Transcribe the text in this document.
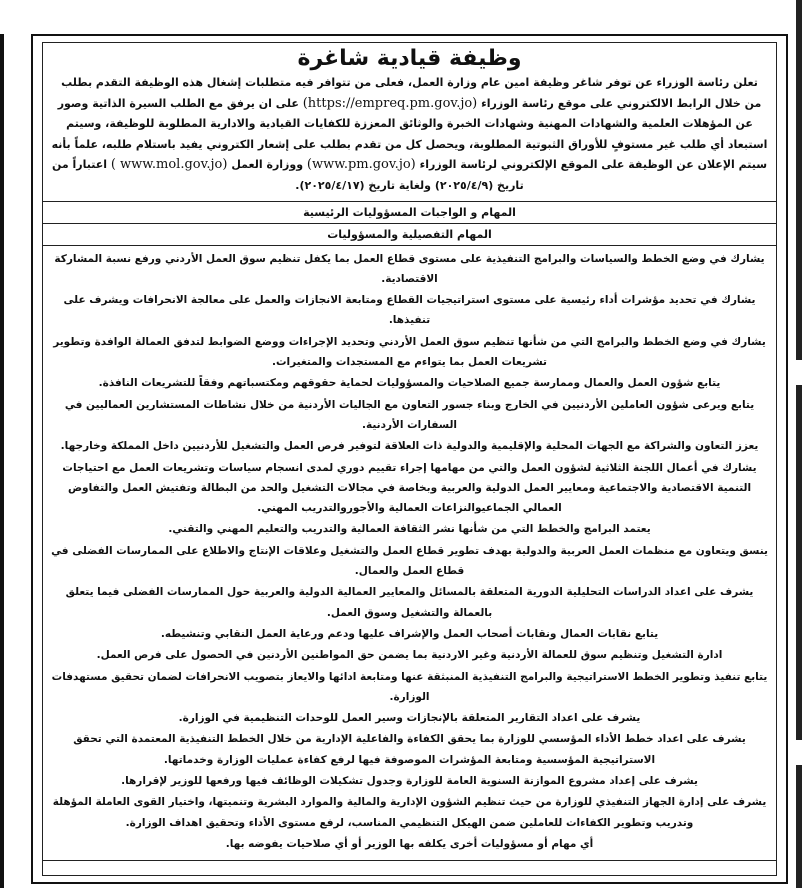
وظيفة قيادية شاغرة

تعلن رئاسة الوزراء عن توفر شاغر وظيفة امين عام وزارة العمل، فعلى من تتوافر فيه متطلبات إشغال هذه الوظيفة التقدم بطلب من خلال الرابط الالكتروني على موقع رئاسة الوزراء (https://empreq.pm.gov.jo) على ان يرفق مع الطلب السيرة الذاتية وصور عن المؤهلات العلمية والشهادات المهنية وشهادات الخبرة والوثائق المعززة للكفايات القيادية والادارية المطلوبة للوظيفة، وسيتم استبعاد أي طلب غير مستوفٍ للأوراق الثبوتية المطلوبة، ويحصل كل من تقدم بطلب على إشعار الكتروني يفيد باستلام طلبه، علماً بأنه سيتم الإعلان عن الوظيفة على الموقع الإلكتروني لرئاسة الوزراء (www.pm.gov.jo) ووزارة العمل ( www.mol.gov.jo) اعتباراً من تاريخ (٢٠٢٥/٤/٩) ولغاية تاريخ (٢٠٢٥/٤/١٧).

المهام و الواجبات المسؤوليات الرئيسية
المهام التفصيلية والمسؤوليات

يشارك في وضع الخطط والسياسات والبرامج التنفيذية على مستوى قطاع العمل بما يكفل تنظيم سوق العمل الأردني ورفع نسبة المشاركة الاقتصادية.

يشارك في تحديد مؤشرات أداء رئيسية على مستوى استراتيجيات القطاع ومتابعة الانجازات والعمل على معالجة الانحرافات ويشرف على تنفيذها.

يشارك في وضع الخطط والبرامج التي من شأنها تنظيم سوق العمل الأردني وتحديد الإجراءات ووضع الضوابط لتدفق العمالة الوافدة وتطوير تشريعات العمل بما يتواءم مع المستجدات والمتغيرات.

يتابع شؤون العمل والعمال وممارسة جميع الصلاحيات والمسؤوليات لحماية حقوقهم ومكتسباتهم وفقاً للتشريعات النافذة.

يتابع ويرعى شؤون العاملين الأردنيين في الخارج وبناء جسور التعاون مع الجاليات الأردنية من خلال نشاطات المستشارين العماليين في السفارات الأردنية.

يعزز التعاون والشراكة مع الجهات المحلية والإقليمية والدولية ذات العلاقة لتوفير فرص العمل والتشغيل للأردنيين داخل المملكة وخارجها.

يشارك في أعمال اللجنة الثلاثية لشؤون العمل والتي من مهامها إجراء تقييم دوري لمدى انسجام سياسات وتشريعات العمل مع احتياجات التنمية الاقتصادية والاجتماعية ومعايير العمل الدولية والعربية وبخاصة في مجالات التشغيل والحد من البطالة وتفتيش العمل والتفاوض العمالي الجماعيوالنزاعات العمالية والأجوروالتدريب المهني.

يعتمد البرامج والخطط التي من شأنها نشر الثقافة العمالية والتدريب والتعليم المهني والتقني.

ينسق ويتعاون مع منظمات العمل العربية والدولية بهدف تطوير قطاع العمل والتشغيل وعلاقات الإنتاج والاطلاع على الممارسات الفضلى في قطاع العمل والعمال.

يشرف على اعداد الدراسات التحليلية الدورية المتعلقة بالمسائل والمعايير العمالية الدولية والعربية حول الممارسات الفضلى فيما يتعلق بالعمالة والتشغيل وسوق العمل.

يتابع نقابات العمال ونقابات أصحاب العمل والإشراف عليها ودعم ورعاية العمل النقابي وتنشيطه.

ادارة التشغيل وتنظيم سوق للعمالة الأردنية وغير الاردنية بما يضمن حق المواطنين الأردنين في الحصول على فرص العمل.

يتابع تنفيذ وتطوير الخطط الاستراتيجية والبرامج التنفيذية المنبثقة عنها ومتابعة ادائها والايعاز بتصويب الانحرافات لضمان تحقيق مستهدفات الوزارة.

يشرف على اعداد التقارير المتعلقة بالإنجازات وسير العمل للوحدات التنظيمية في الوزارة.

يشرف على اعداد خطط الأداء المؤسسي للوزارة بما يحقق الكفاءة والفاعلية الإدارية من خلال الخطط التنفيذية المعتمدة التي تحقق الاستراتيجية المؤسسية ومتابعة المؤشرات الموصوفة فيها لرفع كفاءة عمليات الوزارة وخدماتها.

يشرف على إعداد مشروع الموازنة السنوية العامة للوزارة وجدول تشكيلات الوظائف فيها ورفعها للوزير لإقرارها.

يشرف على إدارة الجهاز التنفيذي للوزارة من حيث تنظيم الشؤون الإدارية والمالية والموارد البشرية وتنميتها، واختيار القوى العاملة المؤهلة وتدريب وتطوير الكفاءات للعاملين ضمن الهيكل التنظيمي المناسب، لرفع مستوى الأداء وتحقيق اهداف الوزارة.

أي مهام أو مسؤوليات أخرى يكلفه بها الوزير أو أي صلاحيات يفوضه بها.
